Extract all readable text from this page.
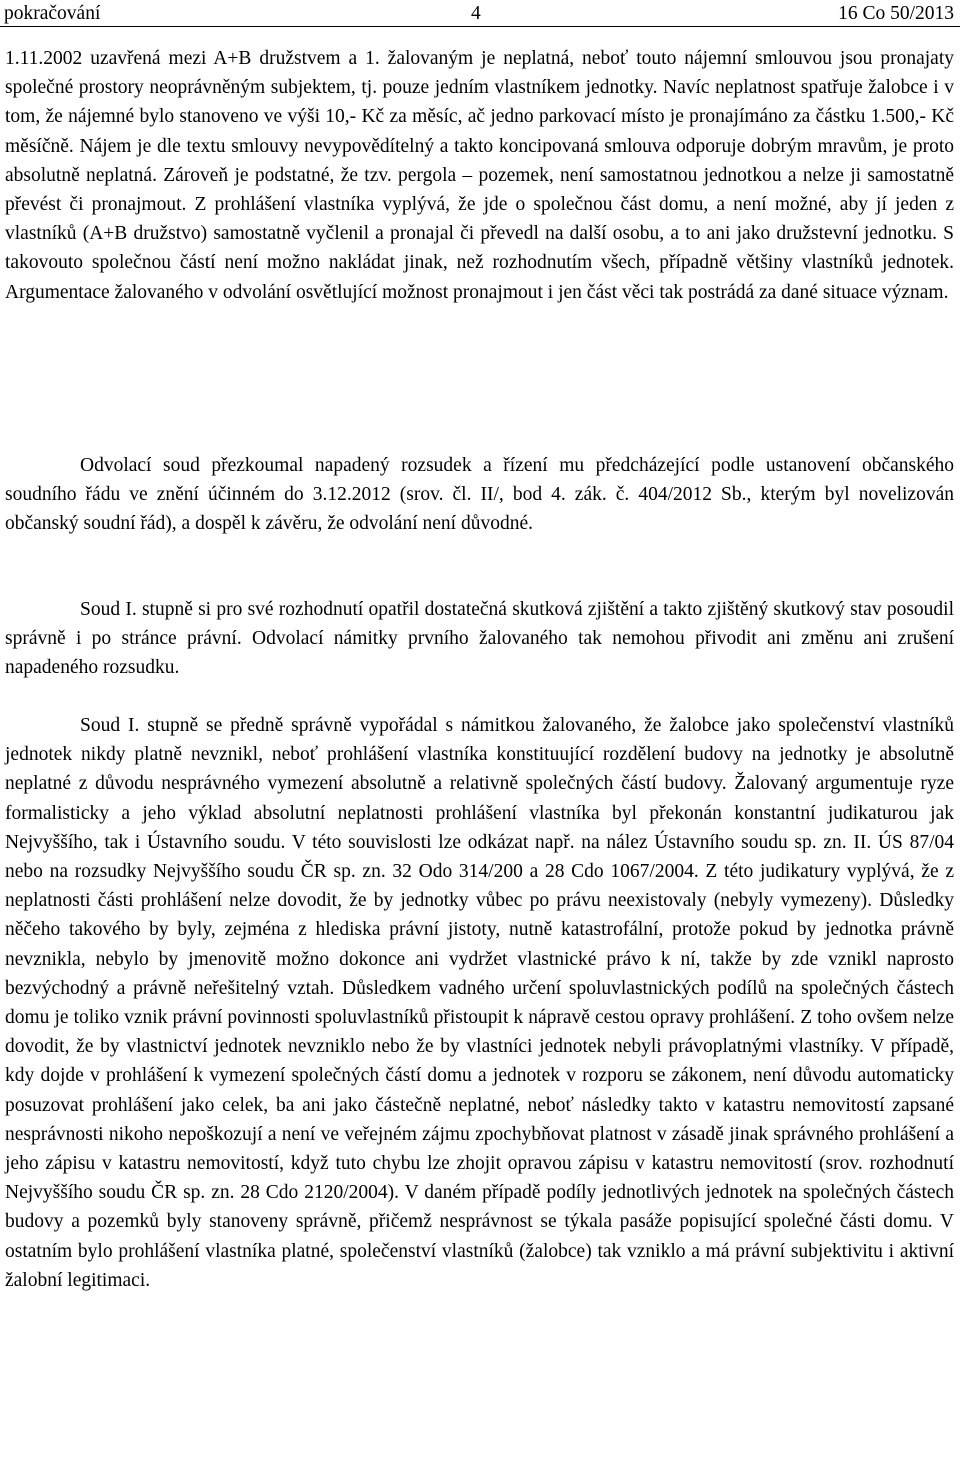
pokračování	4	16 Co 50/2013

1.11.2002 uzavřená mezi A+B družstvem a 1. žalovaným je neplatná, neboť touto nájemní smlouvou jsou pronajaty společné prostory neoprávněným subjektem, tj. pouze jedním vlastníkem jednotky. Navíc neplatnost spatřuje žalobce i v tom, že nájemné bylo stanoveno ve výši 10,- Kč za měsíc, ač jedno parkovací místo je pronajímáno za částku 1.500,- Kč měsíčně. Nájem je dle textu smlouvy nevypovědítelný a takto koncipovaná smlouva odporuje dobrým mravům, je proto absolutně neplatná. Zároveň je podstatné, že tzv. pergola – pozemek, není samostatnou jednotkou a nelze ji samostatně převést či pronajmout. Z prohlášení vlastníka vyplývá, že jde o společnou část domu, a není možné, aby jí jeden z vlastníků (A+B družstvo) samostatně vyčlenil a pronajal či převedl na další osobu, a to ani jako družstevní jednotku. S takovouto společnou částí není možno nakládat jinak, než rozhodnutím všech, případně většiny vlastníků jednotek. Argumentace žalovaného v odvolání osvětlující možnost pronajmout i jen část věci tak postrádá za dané situace význam.

Odvolací soud přezkoumal napadený rozsudek a řízení mu předcházející podle ustanovení občanského soudního řádu ve znění účinném do 3.12.2012 (srov. čl. II/, bod 4. zák. č. 404/2012 Sb., kterým byl novelizován občanský soudní řád), a dospěl k závěru, že odvolání není důvodné.

Soud I. stupně si pro své rozhodnutí opatřil dostatečná skutková zjištění a takto zjištěný skutkový stav posoudil správně i po stránce právní. Odvolací námitky prvního žalovaného tak nemohou přivodit ani změnu ani zrušení napadeného rozsudku.

Soud I. stupně se předně správně vypořádal s námitkou žalovaného, že žalobce jako společenství vlastníků jednotek nikdy platně nevznikl, neboť prohlášení vlastníka konstituující rozdělení budovy na jednotky je absolutně neplatné z důvodu nesprávného vymezení absolutně a relativně společných částí budovy. Žalovaný argumentuje ryze formalisticky a jeho výklad absolutní neplatnosti prohlášení vlastníka byl překonán konstantní judikaturou jak Nejvyššího, tak i Ústavního soudu. V této souvislosti lze odkázat např. na nález Ústavního soudu sp. zn. II. ÚS 87/04 nebo na rozsudky Nejvyššího soudu ČR sp. zn. 32 Odo 314/200 a 28 Cdo 1067/2004. Z této judikatury vyplývá, že z neplatnosti části prohlášení nelze dovodit, že by jednotky vůbec po právu neexistovaly (nebyly vymezeny). Důsledky něčeho takového by byly, zejména z hlediska právní jistoty, nutně katastrofální, protože pokud by jednotka právně nevznikla, nebylo by jmenovitě možno dokonce ani vydržet vlastnické právo k ní, takže by zde vznikl naprosto bezvýchodný a právně neřešitelný vztah. Důsledkem vadného určení spoluvlastnických podílů na společných částech domu je toliko vznik právní povinnosti spoluvlastníků přistoupit k nápravě cestou opravy prohlášení. Z toho ovšem nelze dovodit, že by vlastnictví jednotek nevzniklo nebo že by vlastníci jednotek nebyli právoplatnými vlastníky. V případě, kdy dojde v prohlášení k vymezení společných částí domu a jednotek v rozporu se zákonem, není důvodu automaticky posuzovat prohlášení jako celek, ba ani jako částečně neplatné, neboť následky takto v katastru nemovitostí zapsané nesprávnosti nikoho nepoškozují a není ve veřejném zájmu zpochybňovat platnost v zásadě jinak správného prohlášení a jeho zápisu v katastru nemovitostí, když tuto chybu lze zhojit opravou zápisu v katastru nemovitostí (srov. rozhodnutí Nejvyššího soudu ČR sp. zn. 28 Cdo 2120/2004). V daném případě podíly jednotlivých jednotek na společných částech budovy a pozemků byly stanoveny správně, přičemž nesprávnost se týkala pasáže popisující společné části domu. V ostatním bylo prohlášení vlastníka platné, společenství vlastníků (žalobce) tak vzniklo a má právní subjektivitu i aktivní žalobní legitimaci.
